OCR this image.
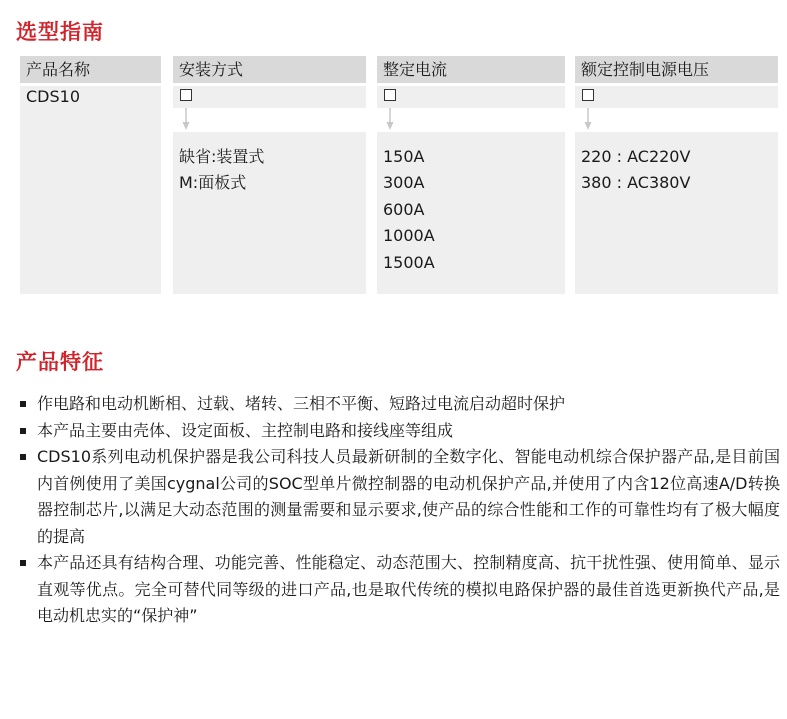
选型指南
产品名称
CDS10
安装方式
缺省:装置式
M:面板式
整定电流
150A
300A
600A
1000A
1500A
额定控制电源电压
220 : AC220V
380 : AC380V
产品特征
作电路和电动机断相、过载、堵转、三相不平衡、短路过电流启动超时保护
本产品主要由壳体、设定面板、主控制电路和接线座等组成
CDS10系列电动机保护器是我公司科技人员最新研制的全数字化、智能电动机综合保护器产品,是目前国内首例使用了美国cygnal公司的SOC型单片微控制器的电动机保护产品,并使用了内含12位高速A/D转换器控制芯片,以满足大动态范围的测量需要和显示要求,使产品的综合性能和工作的可靠性均有了极大幅度的提高
本产品还具有结构合理、功能完善、性能稳定、动态范围大、控制精度高、抗干扰性强、使用简单、显示直观等优点。完全可替代同等级的进口产品,也是取代传统的模拟电路保护器的最佳首选更新换代产品,是电动机忠实的“保护神”
